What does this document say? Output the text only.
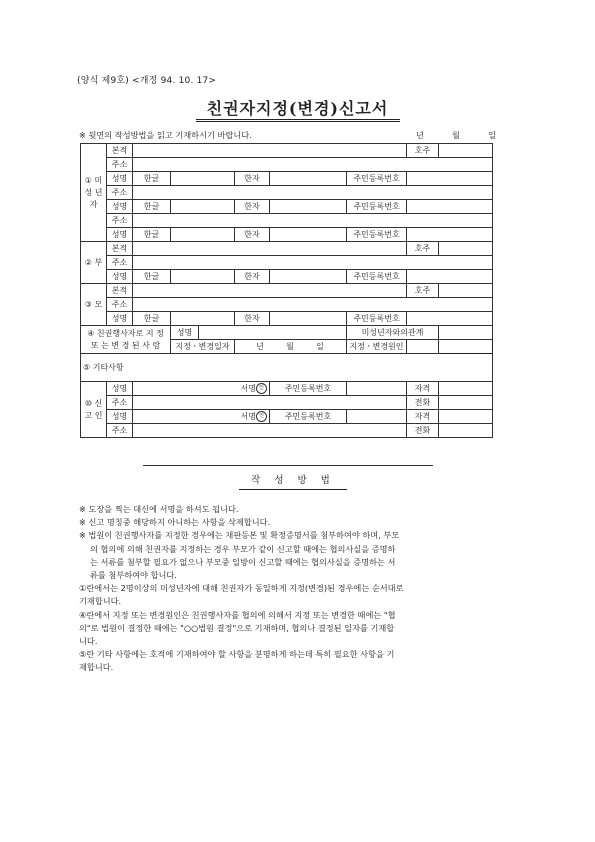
(양식 제9호) <개정 94. 10. 17>
친권자지정(변경)신고서
※ 뒷면의 작성방법을 읽고 기재하시기 바랍니다.	년	월	일
① 미 성 년 자	본적							호주	
	주소								
	성명	한글			한자		주민등록번호		
	주소								
	성명	한글			한자		주민등록번호		
	주소								
	성명	한글			한자		주민등록번호		
② 부	본적							호주	
	주소								
	성명	한글			한자		주민등록번호		
③ 모	본적							호주	
	주소								
	성명	한글			한자		주민등록번호		
④ 친권행사자로 지 정 또 는 변 경 된 사 람			성명				미성년자와의관계		
			지정ㆍ변경일자		년 월 일		지정ㆍ변경원인		
⑤ 기타사항									
⑩ 신 고 인	성명	서명 인				주민등록번호		자격	
	주소							전화	
	성명	서명 인				주민등록번호		자격	
	주소							전화	
작성방법

※ 도장을 찍는 대신에 서명을 하셔도 됩니다.

※ 신고 명칭중 해당하지 아니하는 사항을 삭제합니다.

※ 법원이 친권행사자를 지정한 경우에는 재판등본 및 확정증명서를 첨부하여야 하며, 부모

의 협의에 의해 친권자를 지정하는 경우 부모가 같이 신고할 때에는 협의사실을 증명하

는 서류를 첨부할 필요가 없으나 부모중 일방이 신고할 때에는 협의사실을 증명하는 서

류를 첨부하여야 합니다.

①란에서는 2명이상의 미성년자에 대해 친권자가 동일하게 지정(변경)된 경우에는 순서대로

기재합니다.

④란에서 지정 또는 변경원인은 친권행사자를 협의에 의해서 지정 또는 변경한 때에는 "협

의"로 법원이 결정한 때에는 "○○법원 결정"으로 기재하며, 협의나 결정된 일자를 기재합

니다.

⑤란 기타 사항에는 호적에 기재하여야 할 사항을 분명하게 하는데 특히 필요한 사항을 기

재합니다.
